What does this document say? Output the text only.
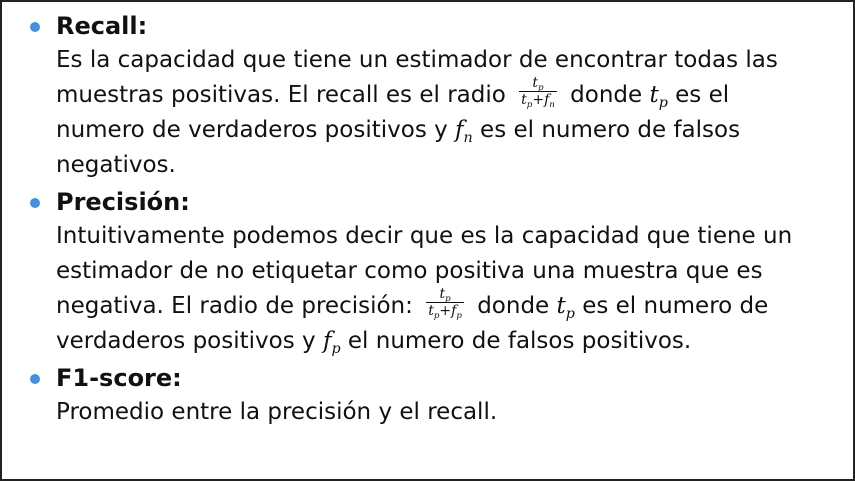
Recall:
Es la capacidad que tiene un estimador de encontrar todas las
muestras positivas. El recall es el radio $\frac{t_p}{t_p+f_n}$ donde $t_p$ es el
numero de verdaderos positivos y $f_n$ es el numero de falsos
negativos.
Precisión:
Intuitivamente podemos decir que es la capacidad que tiene un
estimador de no etiquetar como positiva una muestra que es
negativa. El radio de precisión: $\frac{t_p}{t_p+f_p}$ donde $t_p$ es el numero de
verdaderos positivos y $f_p$ el numero de falsos positivos.
F1-score:
Promedio entre la precisión y el recall.
